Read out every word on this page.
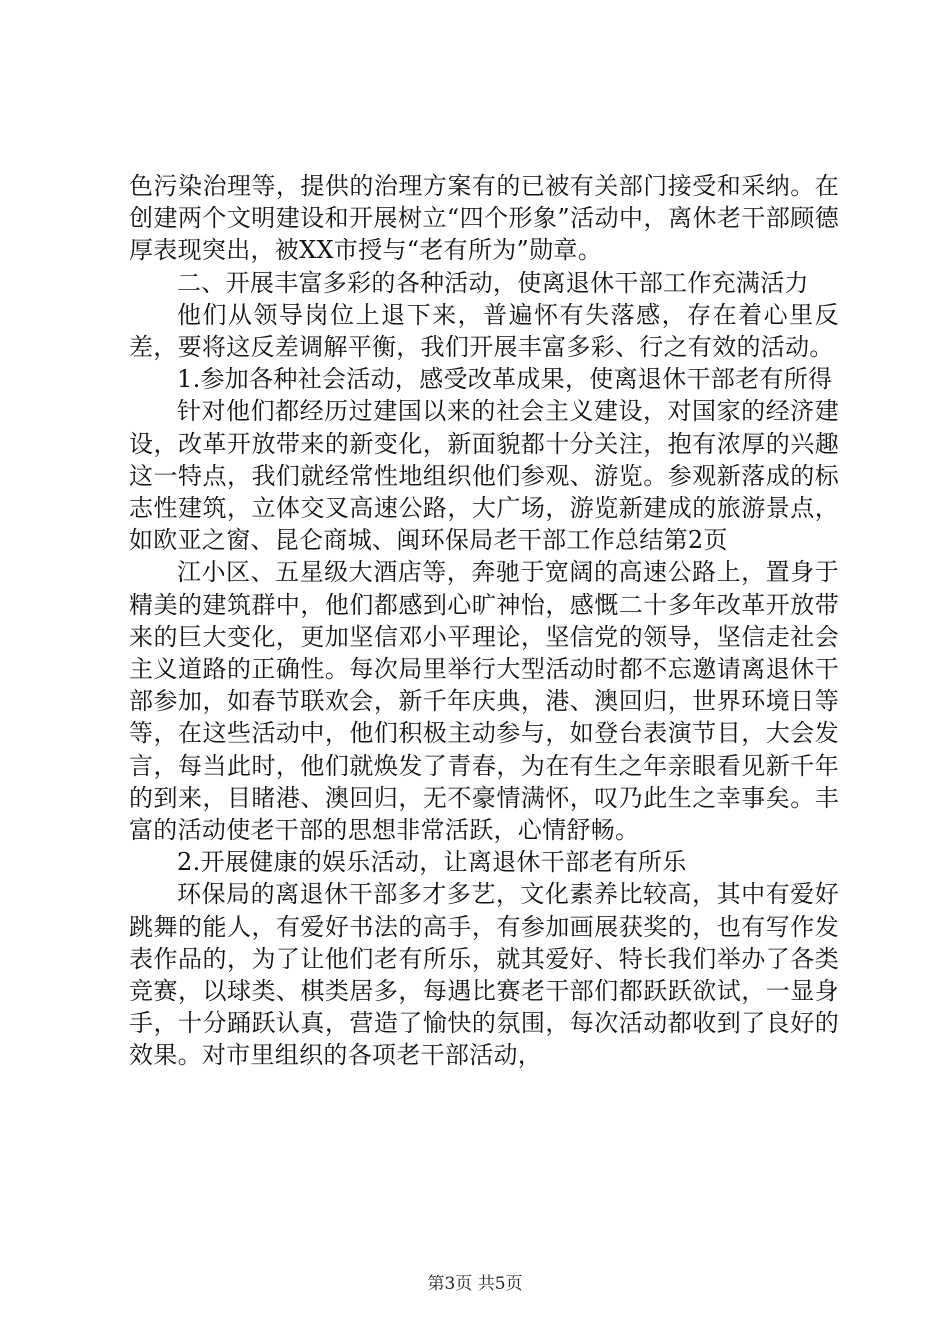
色污染治理等，提供的治理方案有的已被有关部门接受和采纳。在创建两个文明建设和开展树立“四个形象”活动中，离休老干部顾德厚表现突出，被XX市授与“老有所为”勋章。

二、开展丰富多彩的各种活动，使离退休干部工作充满活力

他们从领导岗位上退下来，普遍怀有失落感，存在着心里反差，要将这反差调解平衡，我们开展丰富多彩、行之有效的活动。

1.参加各种社会活动，感受改革成果，使离退休干部老有所得

针对他们都经历过建国以来的社会主义建设，对国家的经济建设，改革开放带来的新变化，新面貌都十分关注，抱有浓厚的兴趣这一特点，我们就经常性地组织他们参观、游览。参观新落成的标志性建筑，立体交叉高速公路，大广场，游览新建成的旅游景点，如欧亚之窗、昆仑商城、闽环保局老干部工作总结第2页

江小区、五星级大酒店等，奔驰于宽阔的高速公路上，置身于精美的建筑群中，他们都感到心旷神怡，感慨二十多年改革开放带来的巨大变化，更加坚信邓小平理论，坚信党的领导，坚信走社会主义道路的正确性。每次局里举行大型活动时都不忘邀请离退休干部参加，如春节联欢会，新千年庆典，港、澳回归，世界环境日等等，在这些活动中，他们积极主动参与，如登台表演节目，大会发言，每当此时，他们就焕发了青春，为在有生之年亲眼看见新千年的到来，目睹港、澳回归，无不豪情满怀，叹乃此生之幸事矣。丰富的活动使老干部的思想非常活跃，心情舒畅。

2.开展健康的娱乐活动，让离退休干部老有所乐

环保局的离退休干部多才多艺，文化素养比较高，其中有爱好跳舞的能人，有爱好书法的高手，有参加画展获奖的，也有写作发表作品的，为了让他们老有所乐，就其爱好、特长我们举办了各类竞赛，以球类、棋类居多，每遇比赛老干部们都跃跃欲试，一显身手，十分踊跃认真，营造了愉快的氛围，每次活动都收到了良好的效果。对市里组织的各项老干部活动，

第3页 共5页
